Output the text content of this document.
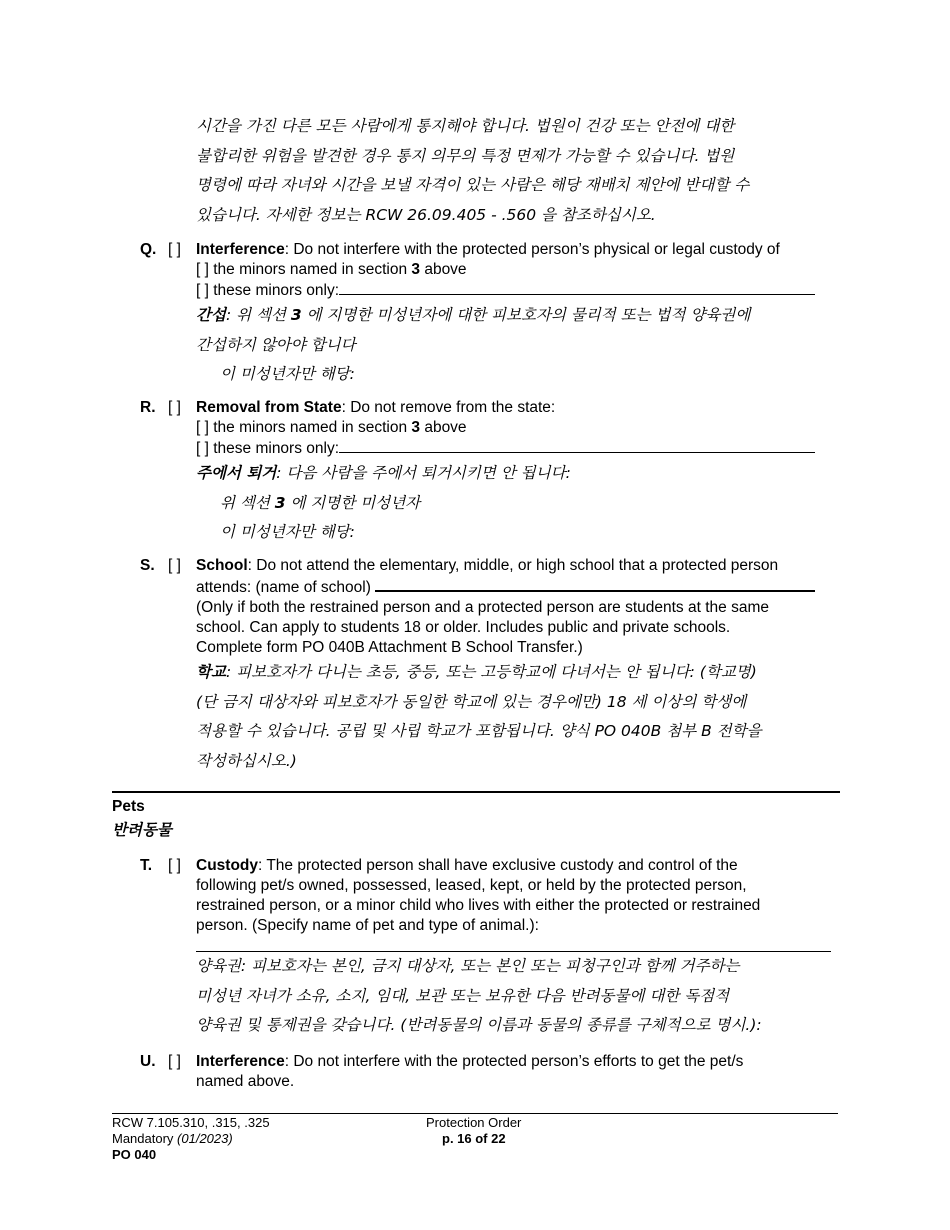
시간을 가진 다른 모든 사람에게 통지해야 합니다. 법원이 건강 또는 안전에 대한
불합리한 위험을 발견한 경우 통지 의무의 특정 면제가 가능할 수 있습니다. 법원
명령에 따라 자녀와 시간을 보낼 자격이 있는 사람은 해당 재배치 제안에 반대할 수
있습니다. 자세한 정보는 RCW 26.09.405 - .560 을 참조하십시오.
Q. [ ] Interference: Do not interfere with the protected person’s physical or legal custody of
[ ] the minors named in section 3 above
[ ] these minors only:
간섭: 위 섹션 3 에 지명한 미성년자에 대한 피보호자의 물리적 또는 법적 양육권에
간섭하지 않아야 합니다
이 미성년자만 해당:
R. [ ] Removal from State: Do not remove from the state:
[ ] the minors named in section 3 above
[ ] these minors only:
주에서 퇴거: 다음 사람을 주에서 퇴거시키면 안 됩니다:
위 섹션 3 에 지명한 미성년자
이 미성년자만 해당:
S. [ ] School: Do not attend the elementary, middle, or high school that a protected person
attends: (name of school)
(Only if both the restrained person and a protected person are students at the same
school. Can apply to students 18 or older. Includes public and private schools.
Complete form PO 040B Attachment B School Transfer.)
학교: 피보호자가 다니는 초등, 중등, 또는 고등학교에 다녀서는 안 됩니다: (학교명)
(단 금지 대상자와 피보호자가 동일한 학교에 있는 경우에만) 18 세 이상의 학생에
적용할 수 있습니다. 공립 및 사립 학교가 포함됩니다. 양식 PO 040B 첨부 B 전학을
작성하십시오.)
Pets
반려동물
T. [ ] Custody: The protected person shall have exclusive custody and control of the
following pet/s owned, possessed, leased, kept, or held by the protected person,
restrained person, or a minor child who lives with either the protected or restrained
person. (Specify name of pet and type of animal.):
양육권: 피보호자는 본인, 금지 대상자, 또는 본인 또는 피청구인과 함께 거주하는
미성년 자녀가 소유, 소지, 임대, 보관 또는 보유한 다음 반려동물에 대한 독점적
양육권 및 통제권을 갖습니다. (반려동물의 이름과 동물의 종류를 구체적으로 명시.):
U. [ ] Interference: Do not interfere with the protected person’s efforts to get the pet/s
named above.
RCW 7.105.310, .315, .325
Mandatory (01/2023)
PO 040
Protection Order
p. 16 of 22
